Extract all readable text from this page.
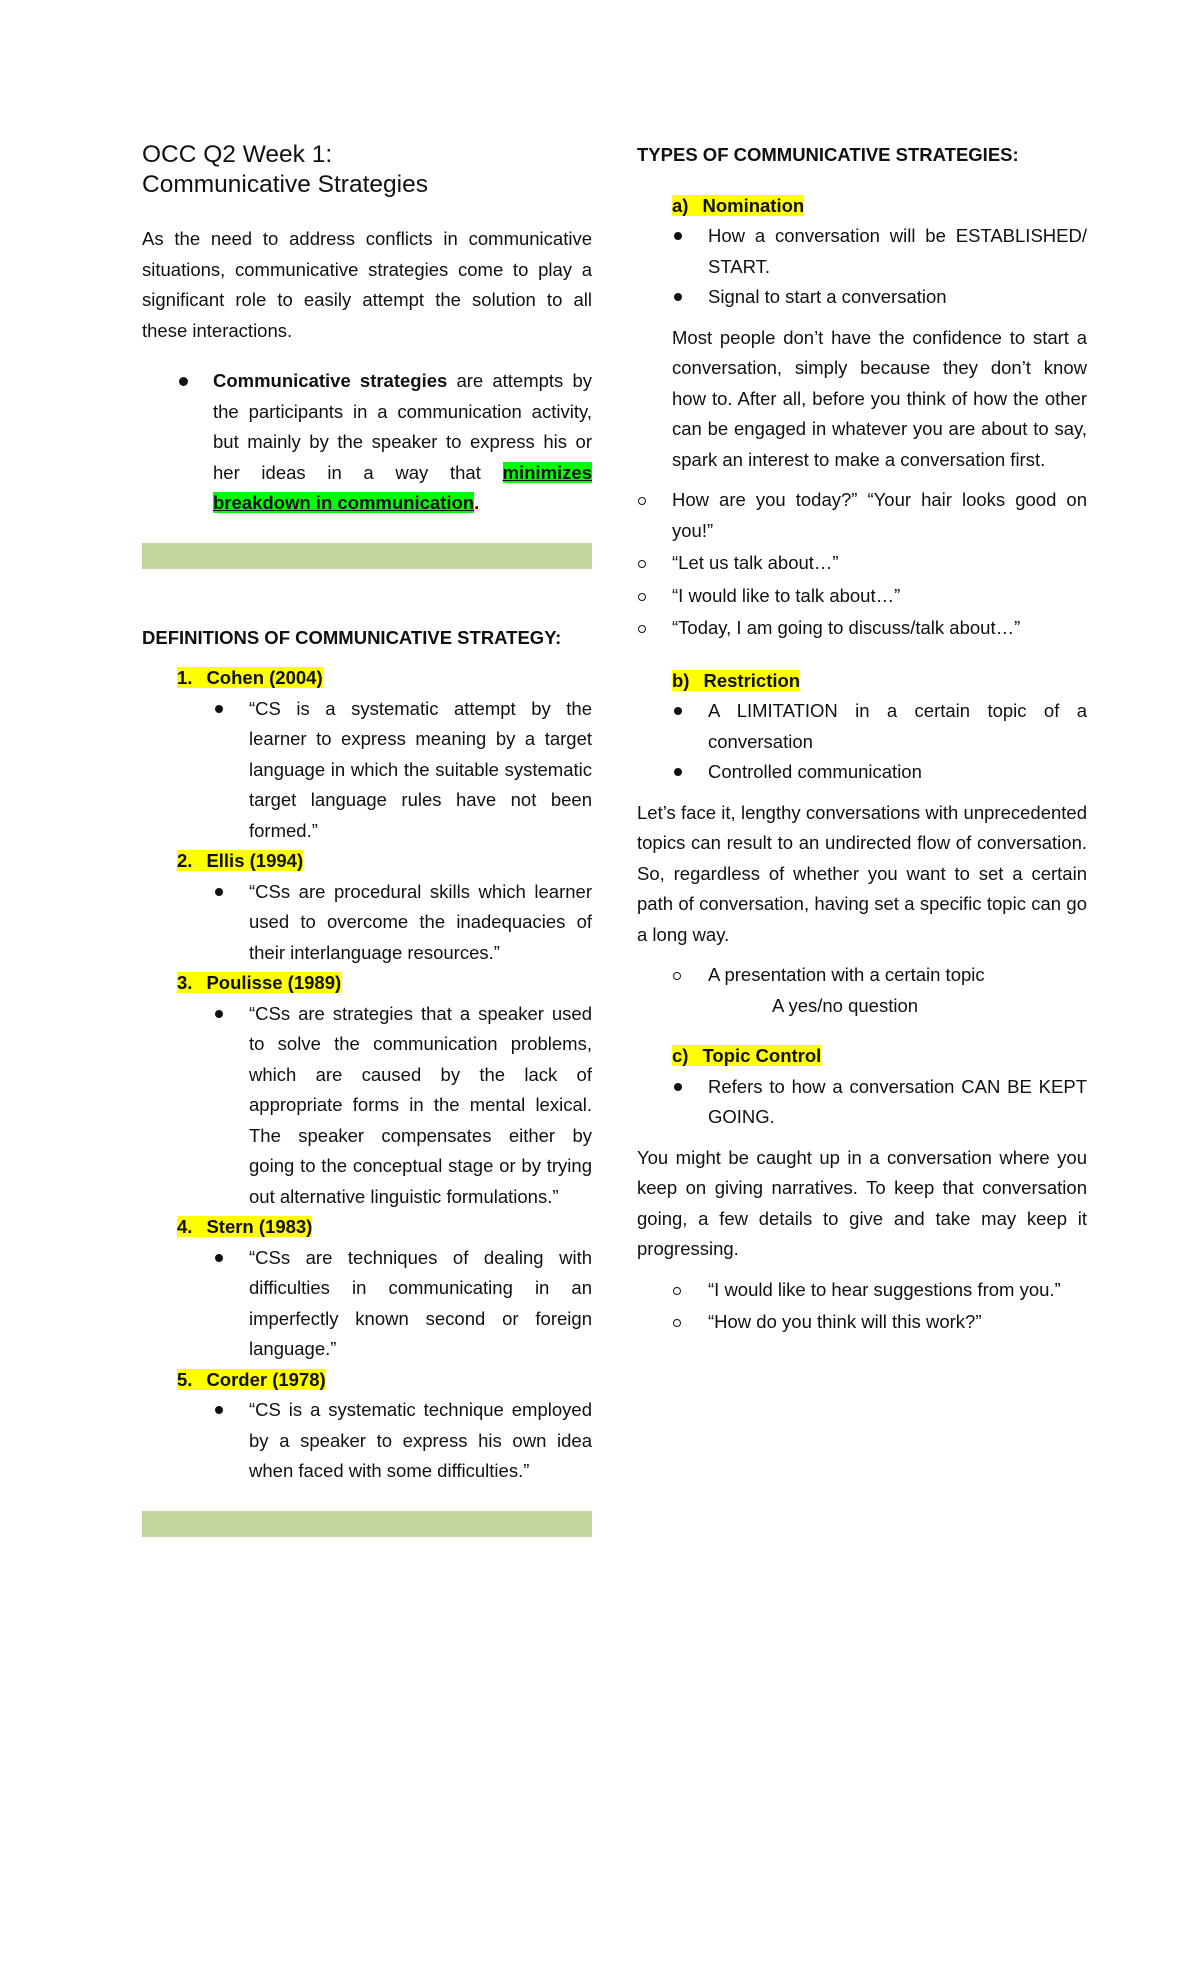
OCC Q2 Week 1:
Communicative Strategies

As the need to address conflicts in communicative situations, communicative strategies come to play a significant role to easily attempt the solution to all these interactions.

Communicative strategies are attempts by the participants in a communication activity, but mainly by the speaker to express his or her ideas in a way that minimizes breakdown in communication.

DEFINITIONS OF COMMUNICATIVE STRATEGY:

1. Cohen (2004)

“CS is a systematic attempt by the learner to express meaning by a target language in which the suitable systematic target language rules have not been formed.”

2. Ellis (1994)

“CSs are procedural skills which learner used to overcome the inadequacies of their interlanguage resources.”

3. Poulisse (1989)

“CSs are strategies that a speaker used to solve the communication problems, which are caused by the lack of appropriate forms in the mental lexical. The speaker compensates either by going to the conceptual stage or by trying out alternative linguistic formulations.”

4. Stern (1983)

“CSs are techniques of dealing with difficulties in communicating in an imperfectly known second or foreign language.”

5. Corder (1978)

“CS is a systematic technique employed by a speaker to express his own idea when faced with some difficulties.”

TYPES OF COMMUNICATIVE STRATEGIES:

a) Nomination

How a conversation will be ESTABLISHED/ START.

Signal to start a conversation

Most people don’t have the confidence to start a conversation, simply because they don’t know how to. After all, before you think of how the other can be engaged in whatever you are about to say, spark an interest to make a conversation first.

How are you today?” “Your hair looks good on you!”

“Let us talk about…”

“I would like to talk about…”

“Today, I am going to discuss/talk about…”

b) Restriction

A LIMITATION in a certain topic of a conversation

Controlled communication

Let’s face it, lengthy conversations with unprecedented topics can result to an undirected flow of conversation. So, regardless of whether you want to set a certain path of conversation, having set a specific topic can go a long way.

A presentation with a certain topic
A yes/no question
c) Topic Control

Refers to how a conversation CAN BE KEPT GOING.

You might be caught up in a conversation where you keep on giving narratives. To keep that conversation going, a few details to give and take may keep it progressing.

“I would like to hear suggestions from you.”

“How do you think will this work?”
